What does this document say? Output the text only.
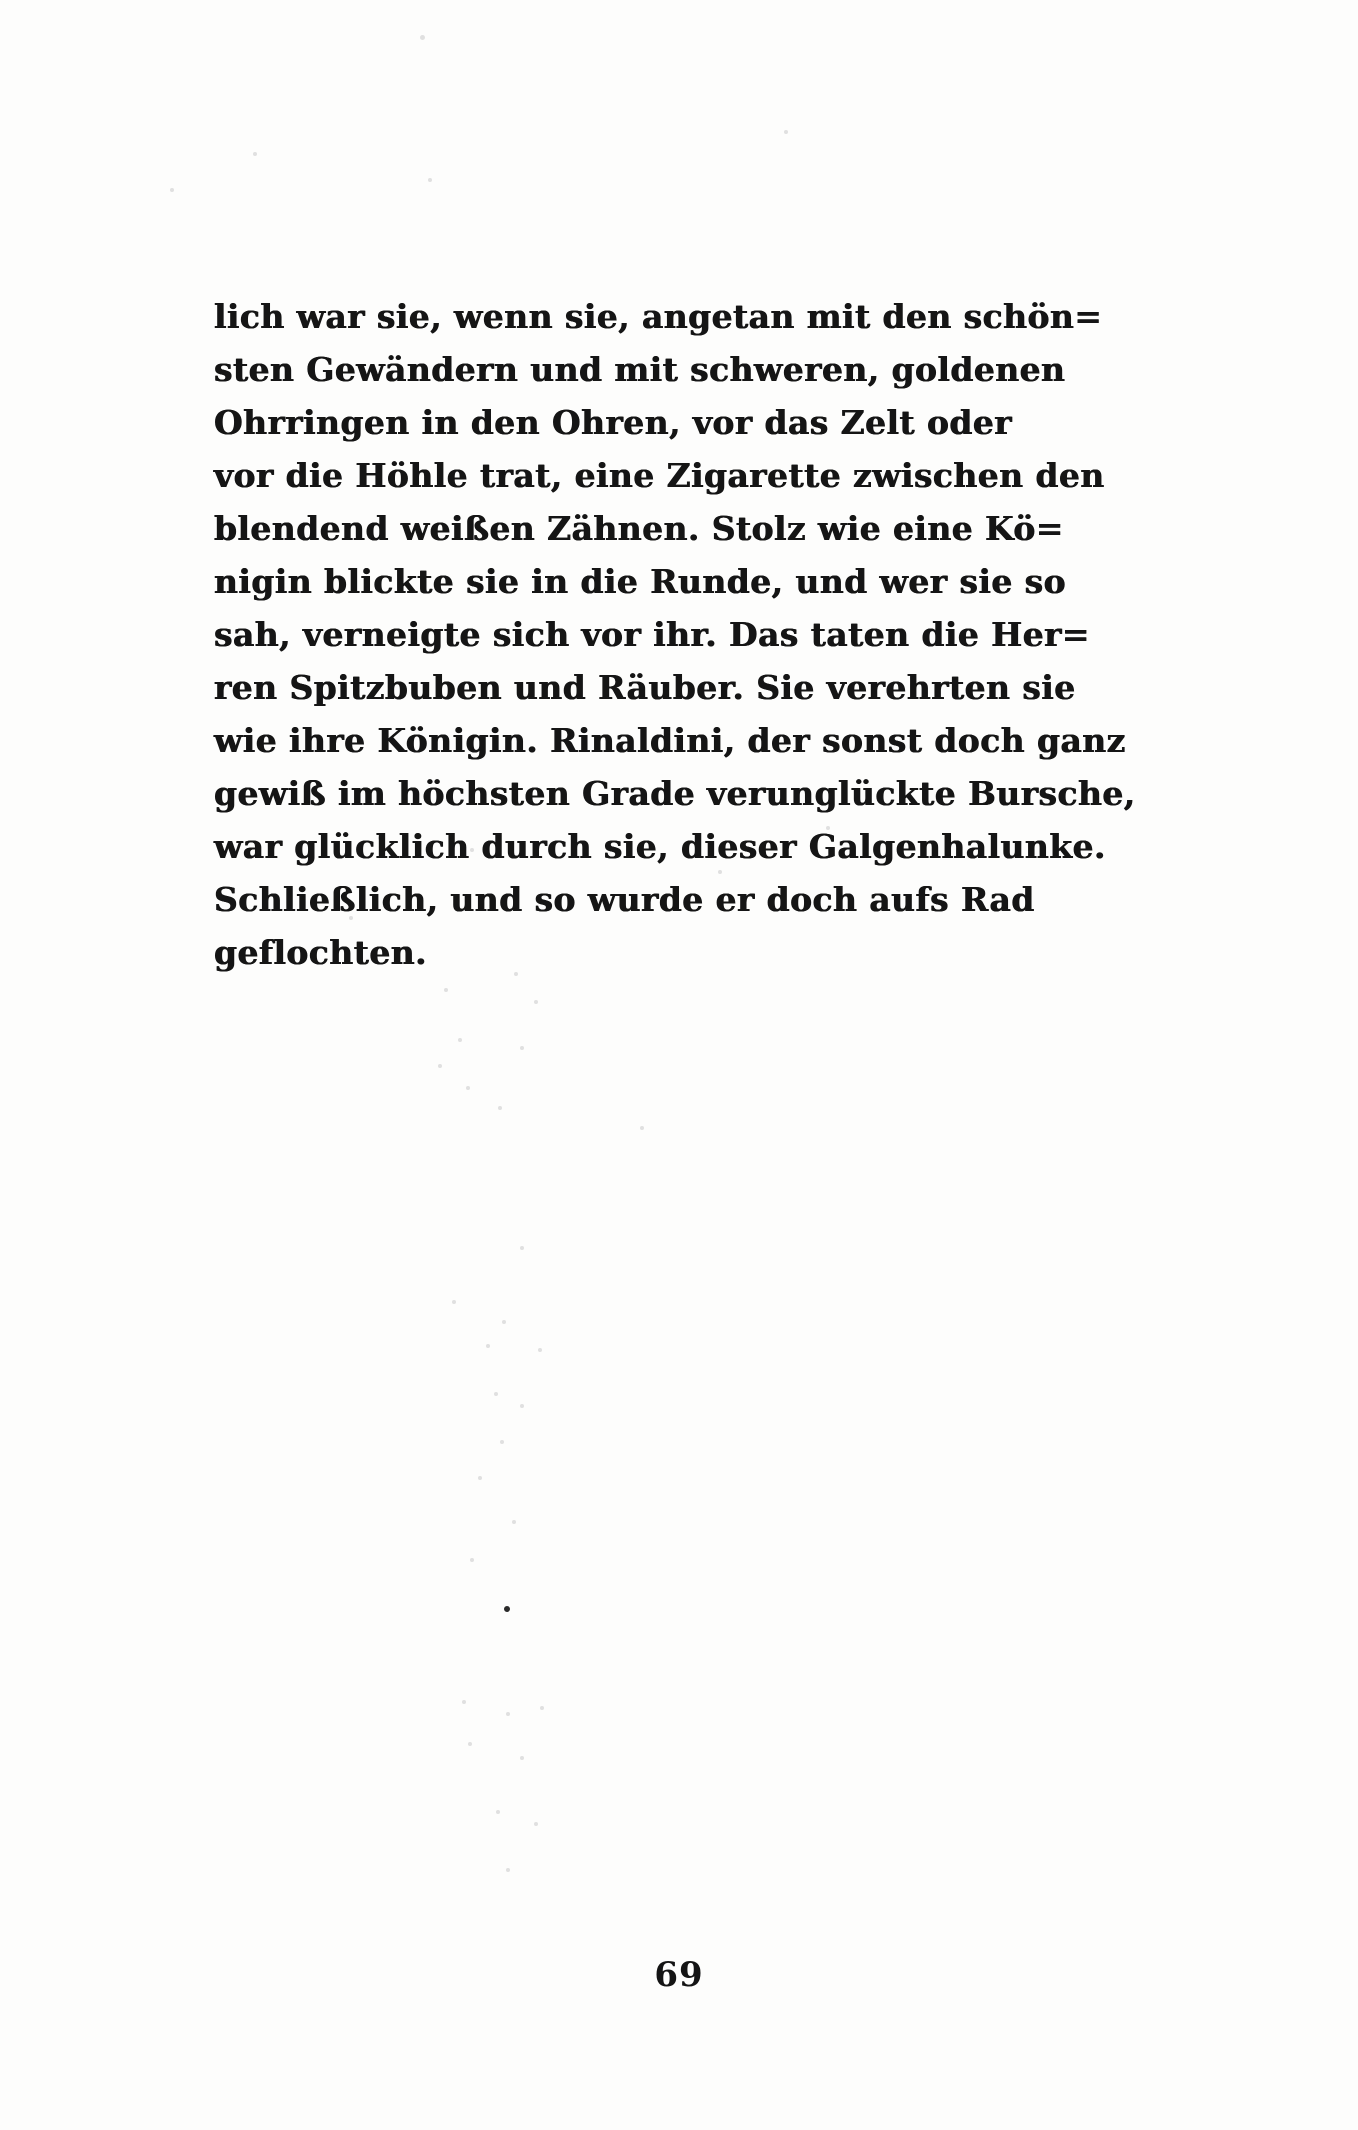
lich war sie, wenn sie, angetan mit den schön=
sten Gewändern und mit schweren, goldenen
Ohrringen in den Ohren, vor das Zelt oder
vor die Höhle trat, eine Zigarette zwischen den
blendend weißen Zähnen. Stolz wie eine Kö=
nigin blickte sie in die Runde, und wer sie so
sah, verneigte sich vor ihr. Das taten die Her=
ren Spitzbuben und Räuber. Sie verehrten sie
wie ihre Königin. Rinaldini, der sonst doch ganz
gewiß im höchsten Grade verunglückte Bursche,
war glücklich durch sie, dieser Galgenhalunke.
Schließlich, und so wurde er doch aufs Rad
geflochten.
69
